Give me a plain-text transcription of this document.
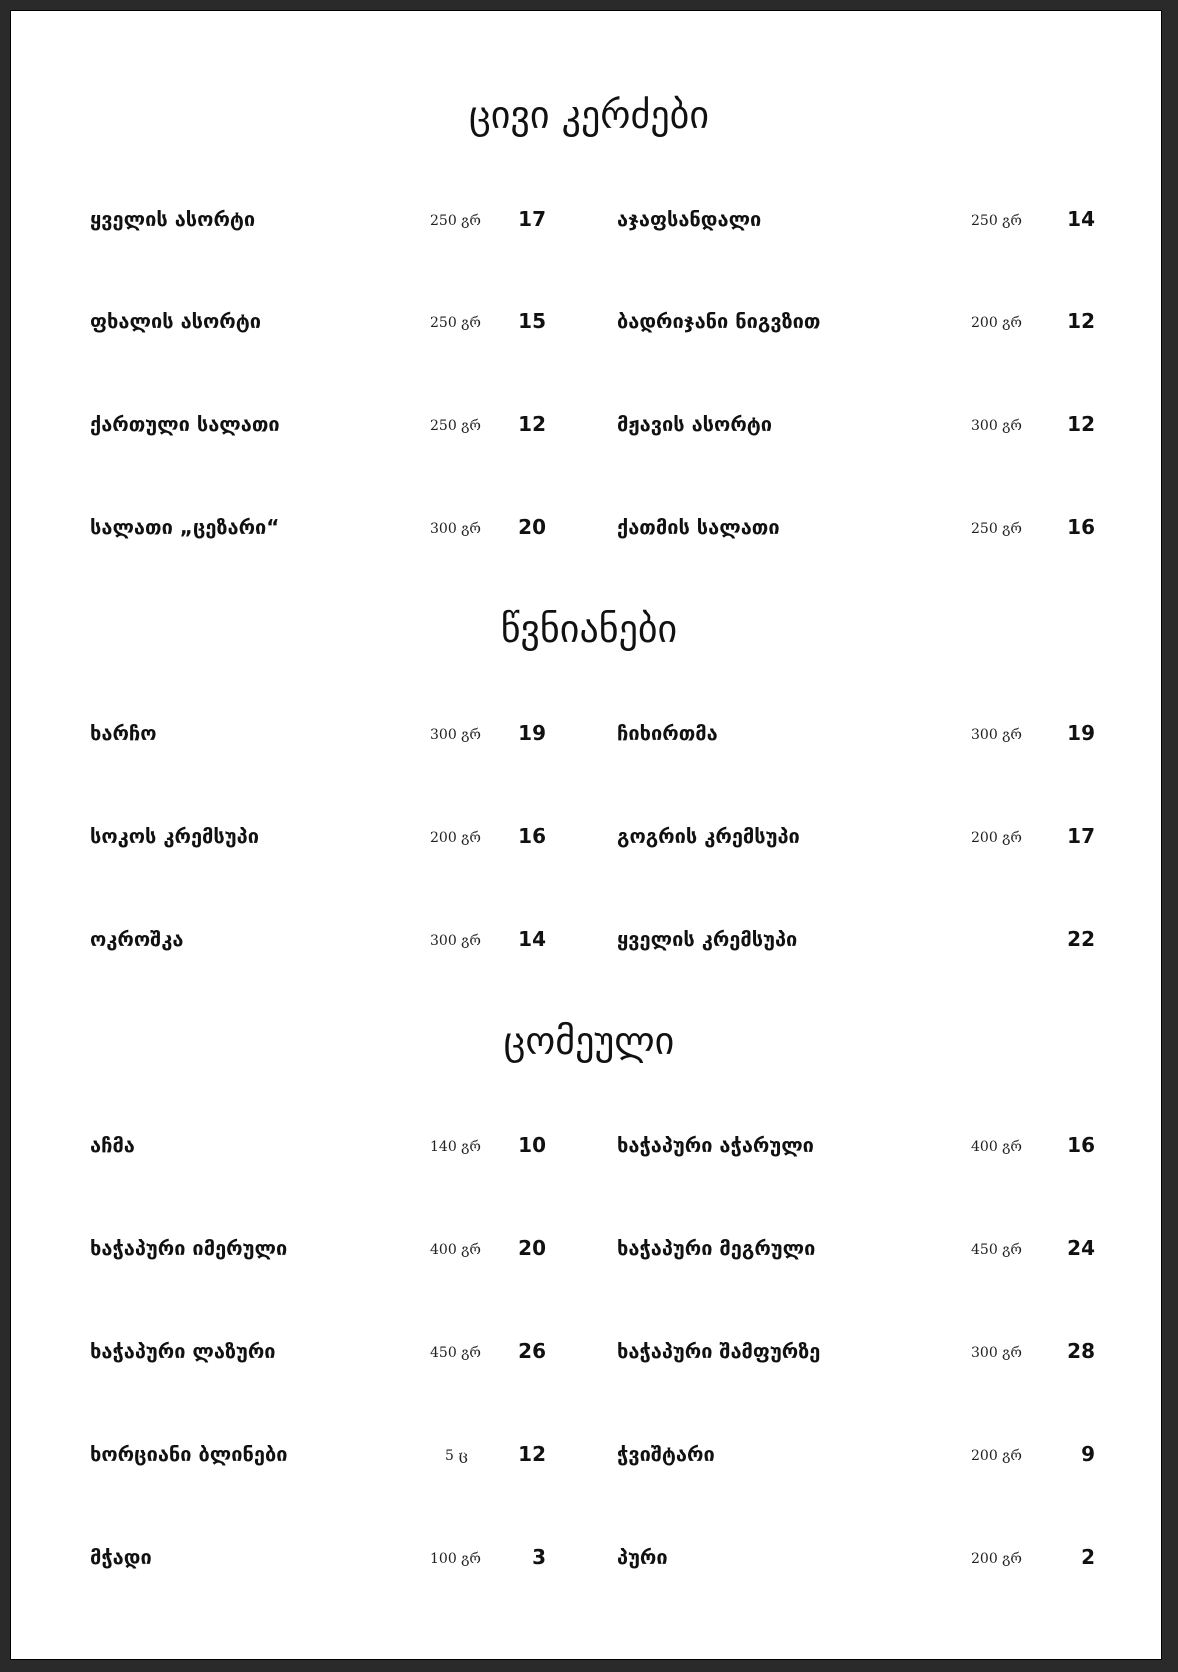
ცივი კერძები
ყველის ასორტი	250 გრ	17	აჯაფსანდალი	250 გრ	14
ფხალის ასორტი	250 გრ	15	ბადრიჯანი ნიგვზით	200 გრ	12
ქართული სალათი	250 გრ	12	მჟავის ასორტი	300 გრ	12
სალათი „ცეზარი“	300 გრ	20	ქათმის სალათი	250 გრ	16
წვნიანები
ხარჩო	300 გრ	19	ჩიხირთმა	300 გრ	19
სოკოს კრემსუპი	200 გრ	16	გოგრის კრემსუპი	200 გრ	17
ოკროშკა	300 გრ	14	ყველის კრემსუპი	22
ცომეული
აჩმა	140 გრ	10	ხაჭაპური აჭარული	400 გრ	16
ხაჭაპური იმერული	400 გრ	20	ხაჭაპური მეგრული	450 გრ	24
ხაჭაპური ლაზური	450 გრ	26	ხაჭაპური შამფურზე	300 გრ	28
ხორციანი ბლინები	5 ც	12	ჭვიშტარი	200 გრ	9
მჭადი	100 გრ	3	პური	200 გრ	2
